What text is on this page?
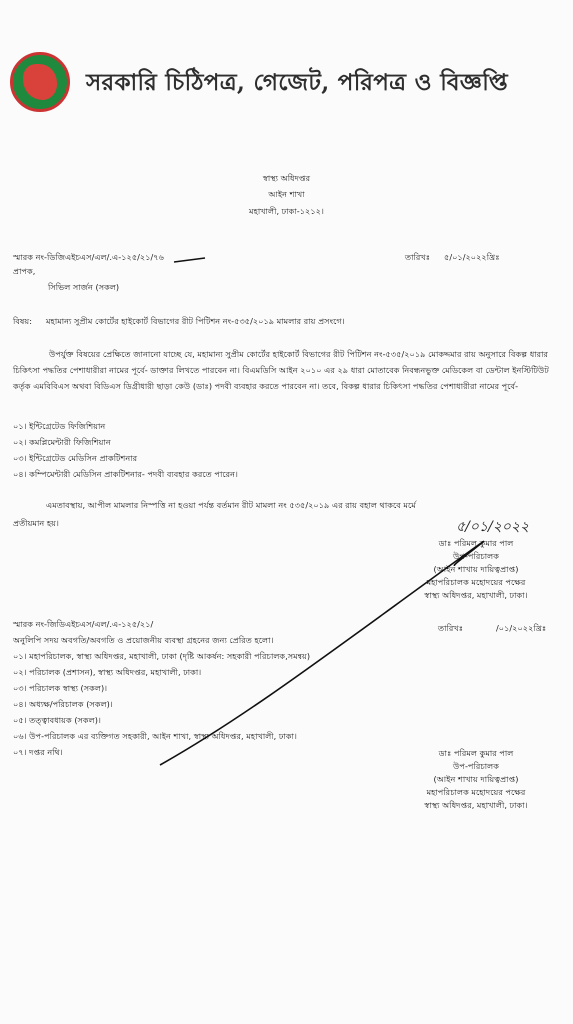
সরকারি চিঠিপত্র, গেজেট, পরিপত্র ও বিজ্ঞপ্তি
স্বাস্থ্য অধিদপ্তর
আইন শাখা
মহাখালী, ঢাকা-১২১২।
স্মারক নং-ডিজিএইচএস/এল/.এ-১২৫/২১/৭৬	তারিখঃ ৫/০১/২০২২খ্রিঃ
প্রাপক,
সিভিল সার্জন (সকল)
বিষয়: মহামান্য সুপ্রীম কোর্টের হাইকোর্ট বিভাগের রীট পিটিশন নং-৫৩৫/২০১৯ মামলার রায় প্রসংগে।
উপর্যুক্ত বিষয়ের প্রেক্ষিতে জানানো যাচ্ছে যে, মহামান্য সুপ্রীম কোর্টের হাইকোর্ট বিভাগের রীট পিটিশন নং-৫৩৫/২০১৯ মোকদ্দমার রায় অনুসারে বিকল্প ধারার চিকিৎসা পদ্ধতির পেশাধারীরা নামের পূর্বে- ডাক্তার লিখতে পারবেন না। বিএমডিসি আইন ২০১০ এর ২৯ ধারা মোতাবেক নিবন্ধনভুক্ত মেডিকেল বা ডেন্টাল ইনস্টিটিউট কর্তৃক এমবিবিএস অথবা বিডিএস ডিগ্রীধারী ছাড়া কেউ (ডাঃ) পদবী ব্যবহার করতে পারবেন না। তবে, বিকল্প ধারার চিকিৎসা পদ্ধতির পেশাধারীরা নামের পূর্বে-
০১। ইন্টিগ্রেটেড ফিজিশিয়ান
০২। কমপ্লিমেন্টারী ফিজিশিয়ান
০৩। ইন্টিগ্রেটেড মেডিসিন প্রাকটিশনার
০৪। কম্পিমেন্টারী মেডিসিন প্রাকটিশনার- পদবী ব্যবহার করতে পারেন।
এমতাবস্থায়, আপীল মামলার নিস্পত্তি না হওয়া পর্যন্ত বর্তমান রীট মামলা নং ৫৩৫/২০১৯ এর রায় বহাল থাকবে মর্মে
প্রতীয়মান হয়।	৫/০১/২০২২
ডাঃ পরিমল কুমার পাল
উপ-পরিচালক
(আইন শাখায় দায়িত্বপ্রাপ্ত)
মহাপরিচালক মহোদয়ের পক্ষের
স্বাস্থ্য অধিদপ্তর, মহাখালী, ঢাকা।
স্মারক নং-জিডিএইচএস/এল/.এ-১২৫/২১/	তারিখঃ	/০১/২০২২খ্রিঃ
অনুলিপি সদয় অবগতি/অবগতি ও প্রয়োজনীয় ব্যবস্থা গ্রহনের জন্য প্রেরিত হলো।
০১। মহাপরিচালক, স্বাস্থ্য অধিদপ্তর, মহাখালী, ঢাকা (দৃষ্টি আকর্ষন: সহকারী পরিচালক,সমন্বয়)
০২। পরিচালক (প্রশাসন), স্বাস্থ্য অধিদপ্তর, মহাখালী, ঢাকা।
০৩। পরিচালক স্বাস্থ্য (সকল)।
০৪। অধ্যক্ষ/পরিচালক (সকল)।
০৫। তত্ত্বাবধায়ক (সকল)।
০৬। উপ-পরিচালক এর ব্যক্তিগত সহকারী, আইন শাখা, স্বাস্থ্য অধিদপ্তর, মহাখালী, ঢাকা।
০৭। দপ্তর নথি।	ডাঃ পরিমল কুমার পাল
উপ-পরিচালক
(আইন শাখায় দায়িত্বপ্রাপ্ত)
মহাপরিচালক মহোদয়ের পক্ষের
স্বাস্থ্য অধিদপ্তর, মহাখালী, ঢাকা।
